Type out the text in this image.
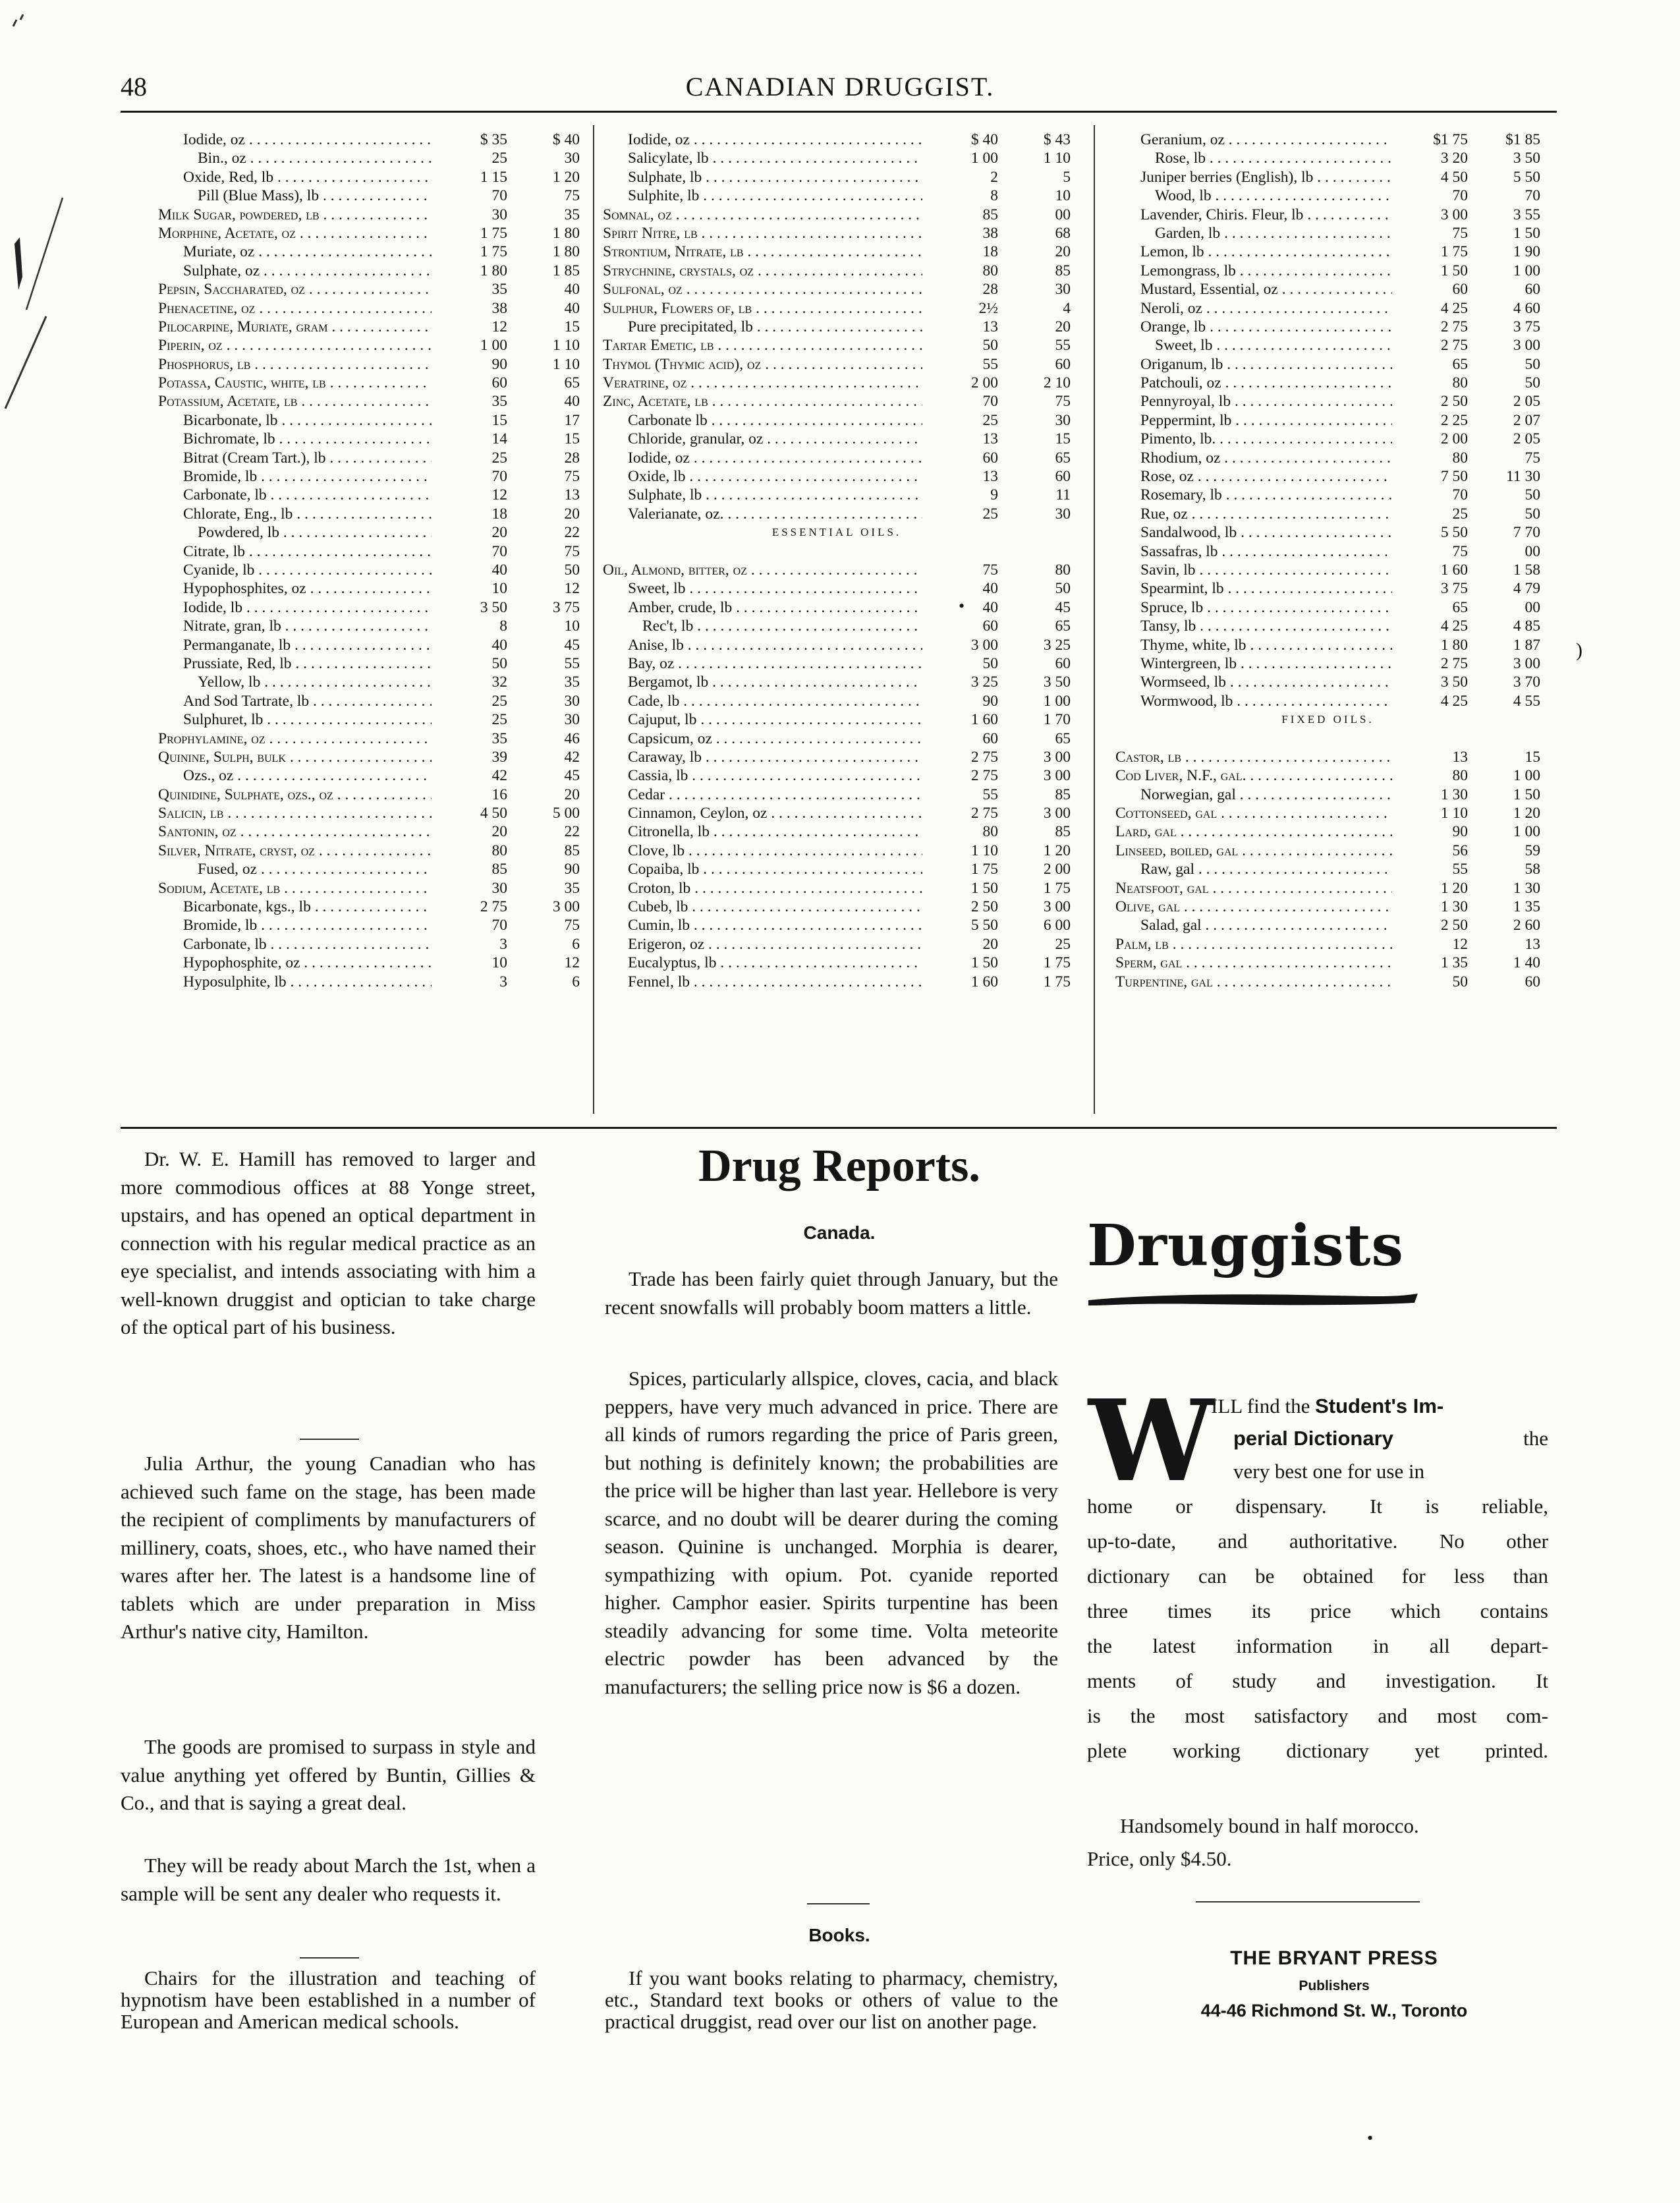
48	CANADIAN DRUGGIST.
Iodide, oz . . .	$ 35	$ 40
Bin., oz . . .	25	30
Oxide, Red, lb . . .	1 15	1 20
Pill (Blue Mass), lb . . .	70	75
Milk Sugar, powdered, lb . . .	30	35
Morphine, Acetate, oz . . .	1 75	1 80
Muriate, oz . . .	1 75	1 80
Sulphate, oz . . .	1 80	1 85
Pepsin, Saccharated, oz . . .	35	40
Phenacetine, oz . . .	38	40
Pilocarpine, Muriate, gram . . .	12	15
Piperin, oz . . .	1 00	1 10
Phosphorus, lb . . .	90	1 10
Potassa, Caustic, white, lb . . .	60	65
Potassium, Acetate, lb . . .	35	40
Bicarbonate, lb . . .	15	17
Bichromate, lb . . .	14	15
Bitrat (Cream Tart.), lb . . .	25	28
Bromide, lb . . .	70	75
Carbonate, lb . . .	12	13
Chlorate, Eng., lb . . .	18	20
Powdered, lb . . .	20	22
Citrate, lb . . .	70	75
Cyanide, lb . . .	40	50
Hypophosphites, oz . . .	10	12
Iodide, lb . . .	3 50	3 75
Nitrate, gran, lb . . .	8	10
Permanganate, lb . . .	40	45
Prussiate, Red, lb . . .	50	55
Yellow, lb . . .	32	35
And Sod Tartrate, lb . . .	25	30
Sulphuret, lb . . .	25	30
Prophylamine, oz . . .	35	46
Quinine, Sulph, bulk . . .	39	42
Ozs., oz . . .	42	45
Quinidine, Sulphate, ozs., oz . . .	16	20
Salicin, lb . . .	4 50	5 00
Santonin, oz . . .	20	22
Silver, Nitrate, cryst, oz . . .	80	85
Fused, oz . . .	85	90
Sodium, Acetate, lb . . .	30	35
Bicarbonate, kgs., lb . . .	2 75	3 00
Bromide, lb . . .	70	75
Carbonate, lb . . .	3	6
Hypophosphite, oz . . .	10	12
Hyposulphite, lb . . .	3	6
Iodide, oz . . .	$ 40	$ 43
Salicylate, lb . . .	1 00	1 10
Sulphate, lb . . .	2	5
Sulphite, lb . . .	8	10
Somnal, oz . . .	85	00
Spirit Nitre, lb . . .	38	68
Strontium, Nitrate, lb . . .	18	20
Strychnine, crystals, oz . . .	80	85
Sulfonal, oz . . .	28	30
Sulphur, Flowers of, lb . . .	2½	4
Pure precipitated, lb . . .	13	20
Tartar Emetic, lb . . .	50	55
Thymol (Thymic acid), oz . . .	55	60
Veratrine, oz . . .	2 00	2 10
Zinc, Acetate, lb . . .	70	75
Carbonate lb . . .	25	30
Chloride, granular, oz . . .	13	15
Iodide, oz . . .	60	65
Oxide, lb . . .	13	60
Sulphate, lb . . .	9	11
Valerianate, oz. . . .	25	30
ESSENTIAL OILS.
Oil, Almond, bitter, oz . . .	75	80
Sweet, lb . . .	40	50
Amber, crude, lb . . .	40	45
Rec't, lb . . .	60	65
Anise, lb . . .	3 00	3 25
Bay, oz . . .	50	60
Bergamot, lb . . .	3 25	3 50
Cade, lb . . .	90	1 00
Cajuput, lb . . .	1 60	1 70
Capsicum, oz . . .	60	65
Caraway, lb . . .	2 75	3 00
Cassia, lb . . .	2 75	3 00
Cedar . . .	55	85
Cinnamon, Ceylon, oz . . .	2 75	3 00
Citronella, lb . . .	80	85
Clove, lb . . .	1 10	1 20
Copaiba, lb . . .	1 75	2 00
Croton, lb . . .	1 50	1 75
Cubeb, lb . . .	2 50	3 00
Cumin, lb . . .	5 50	6 00
Erigeron, oz . . .	20	25
Eucalyptus, lb . . .	1 50	1 75
Fennel, lb . . .	1 60	1 75
Geranium, oz . . .	$1 75	$1 85
Rose, lb . . .	3 20	3 50
Juniper berries (English), lb . . .	4 50	5 50
Wood, lb . . .	70	70
Lavender, Chiris. Fleur, lb . . .	3 00	3 55
Garden, lb . . .	75	1 50
Lemon, lb . . .	1 75	1 90
Lemongrass, lb . . .	1 50	1 00
Mustard, Essential, oz . . .	60	60
Neroli, oz . . .	4 25	4 60
Orange, lb . . .	2 75	3 75
Sweet, lb . . .	2 75	3 00
Origanum, lb . . .	65	50
Patchouli, oz . . .	80	50
Pennyroyal, lb . . .	2 50	2 05
Peppermint, lb . . .	2 25	2 07
Pimento, lb. . . .	2 00	2 05
Rhodium, oz . . .	80	75
Rose, oz . . .	7 50	11 30
Rosemary, lb . . .	70	50
Rue, oz . . .	25	50
Sandalwood, lb . . .	5 50	7 70
Sassafras, lb . . .	75	00
Savin, lb . . .	1 60	1 58
Spearmint, lb . . .	3 75	4 79
Spruce, lb . . .	65	00
Tansy, lb . . .	4 25	4 85
Thyme, white, lb . . .	1 80	1 87
Wintergreen, lb . . .	2 75	3 00
Wormseed, lb . . .	3 50	3 70
Wormwood, lb . . .	4 25	4 55
FIXED OILS.
Castor, lb . . .	13	15
Cod Liver, N.F., gal. . . .	80	1 00
Norwegian, gal . . .	1 30	1 50
Cottonseed, gal . . .	1 10	1 20
Lard, gal . . .	90	1 00
Linseed, boiled, gal . . .	56	59
Raw, gal . . .	55	58
Neatsfoot, gal . . .	1 20	1 30
Olive, gal . . .	1 30	1 35
Salad, gal . . .	2 50	2 60
Palm, lb . . .	12	13
Sperm, gal . . .	1 35	1 40
Turpentine, gal . . .	50	60

Dr. W. E. Hamill has removed to larger and more commodious offices at 88 Yonge street, upstairs, and has opened an optical department in connection with his regular medical practice as an eye specialist, and intends associating with him a well-known druggist and optician to take charge of the optical part of his business.

Julia Arthur, the young Canadian who has achieved such fame on the stage, has been made the recipient of compliments by manufacturers of millinery, coats, shoes, etc., who have named their wares after her. The latest is a handsome line of tablets which are under preparation in Miss Arthur's native city, Hamilton.

The goods are promised to surpass in style and value anything yet offered by Buntin, Gillies & Co., and that is saying a great deal.

They will be ready about March the 1st, when a sample will be sent any dealer who requests it.

Chairs for the illustration and teaching of hypnotism have been established in a number of European and American medical schools.

Drug Reports.
Canada.

Trade has been fairly quiet through January, but the recent snowfalls will probably boom matters a little.

Spices, particularly allspice, cloves, cacia, and black peppers, have very much advanced in price. There are all kinds of rumors regarding the price of Paris green, but nothing is definitely known; the probabilities are the price will be higher than last year. Hellebore is very scarce, and no doubt will be dearer during the coming season. Quinine is unchanged. Morphia is dearer, sympathizing with opium. Pot. cyanide reported higher. Camphor easier. Spirits turpentine has been steadily advancing for some time. Volta meteorite electric powder has been advanced by the manufacturers; the selling price now is $6 a dozen.

Books.

If you want books relating to pharmacy, chemistry, etc., Standard text books or others of value to the practical druggist, read over our list on another page.

Druggists
W
ILL find the Student's Im-
perial Dictionary	the
very best one for use in
home or dispensary. It is reliable,
up-to-date, and authoritative. No other
dictionary can be obtained for less than
three times its price which contains
the latest information in all depart-
ments of study and investigation. It
is the most satisfactory and most com-
plete working dictionary yet printed.
Handsomely bound in half morocco.
Price, only $4.50.
THE BRYANT PRESS
Publishers
44-46 Richmond St. W., Toronto
)
•
•
